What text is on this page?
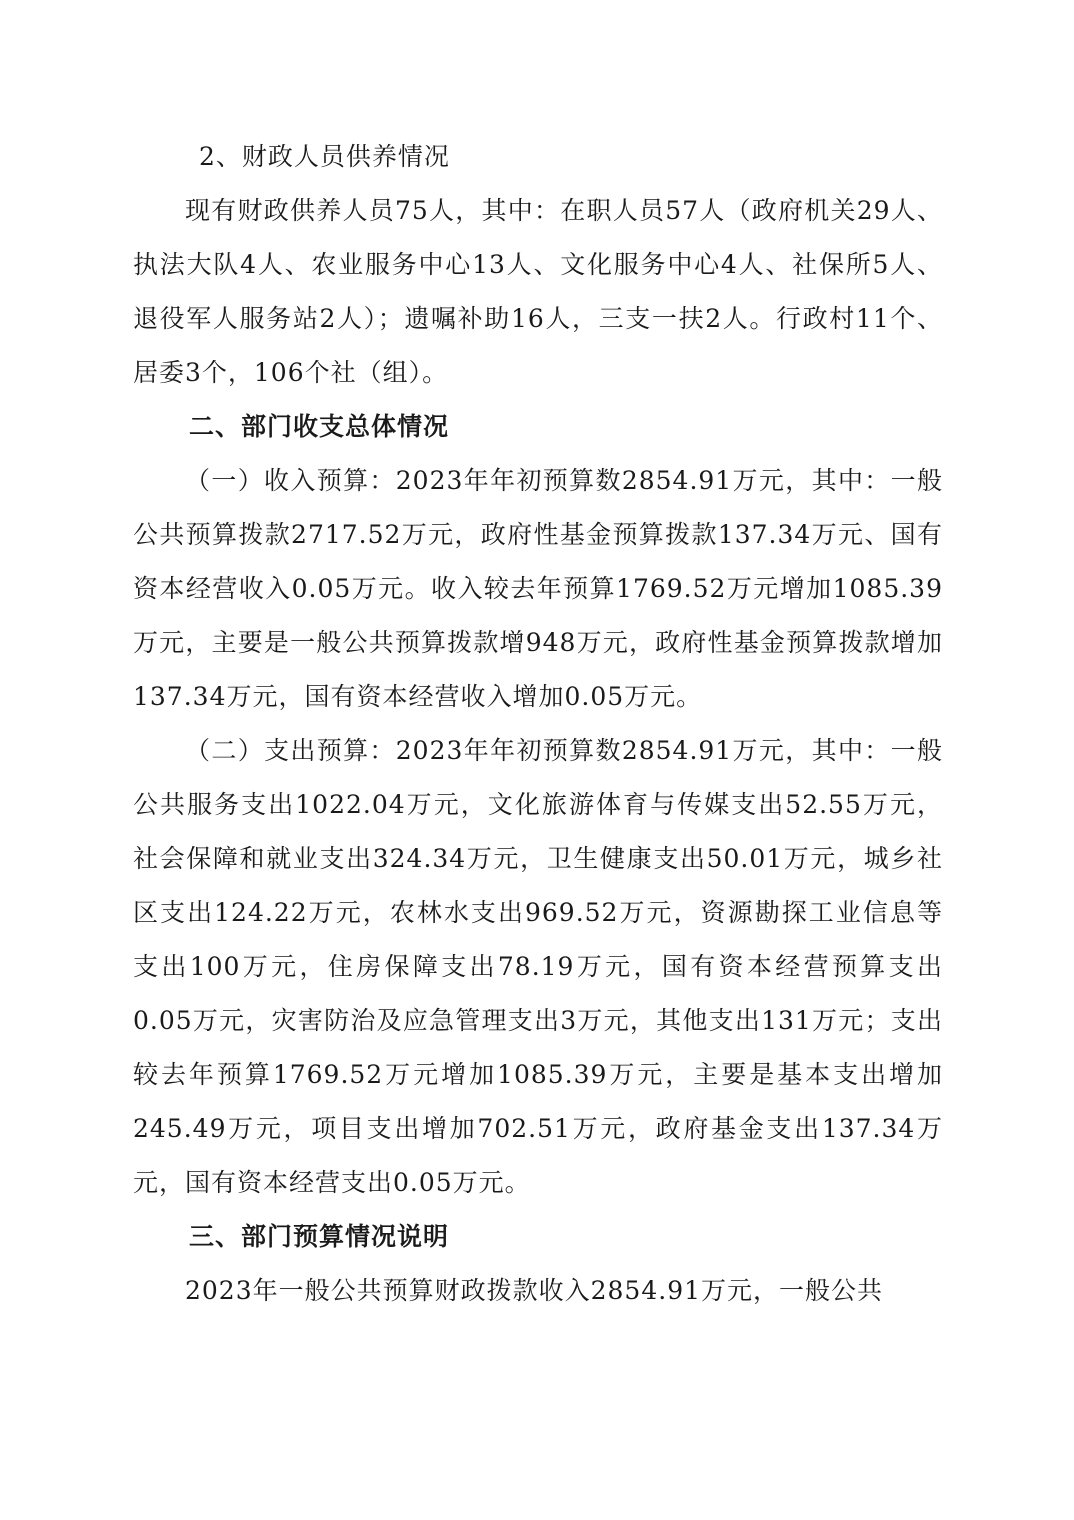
2、财政人员供养情况

现有财政供养人员75人，其中：在职人员57人（政府机关29人、执法大队4人、农业服务中心13人、文化服务中心4人、社保所5人、退役军人服务站2人）；遗嘱补助16人，三支一扶2人。行政村11个、居委3个，106个社（组）。

二、部门收支总体情况

（一）收入预算：2023年年初预算数2854.91万元，其中：一般公共预算拨款2717.52万元，政府性基金预算拨款137.34万元、国有资本经营收入0.05万元。收入较去年预算1769.52万元增加1085.39万元，主要是一般公共预算拨款增948万元，政府性基金预算拨款增加137.34万元，国有资本经营收入增加0.05万元。

（二）支出预算：2023年年初预算数2854.91万元，其中：一般公共服务支出1022.04万元，文化旅游体育与传媒支出52.55万元，社会保障和就业支出324.34万元，卫生健康支出50.01万元，城乡社区支出124.22万元，农林水支出969.52万元，资源勘探工业信息等支出100万元，住房保障支出78.19万元，国有资本经营预算支出0.05万元，灾害防治及应急管理支出3万元，其他支出131万元；支出较去年预算1769.52万元增加1085.39万元，主要是基本支出增加245.49万元，项目支出增加702.51万元，政府基金支出137.34万元，国有资本经营支出0.05万元。

三、部门预算情况说明

2023年一般公共预算财政拨款收入2854.91万元，一般公共
